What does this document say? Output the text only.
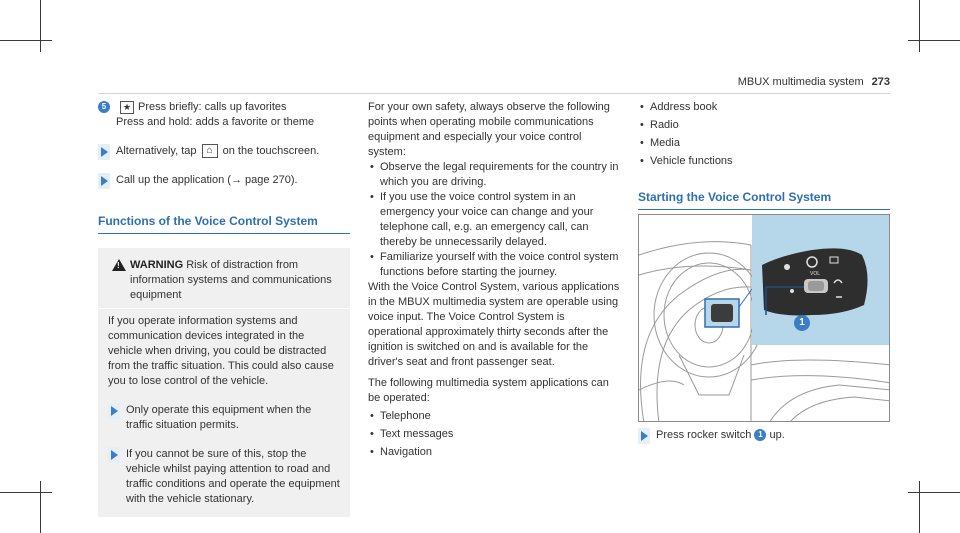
MBUX multimedia system 273
5	★ Press briefly: calls up favorites
Press and hold: adds a favorite or theme
Alternatively, tap ⌂ on the touchscreen.
Call up the application (→ page 270).
Functions of the Voice Control System
!
WARNING Risk of distraction from information systems and communications equipment
If you operate information systems and communication devices integrated in the vehicle when driving, you could be distracted from the traffic situation. This could also cause you to lose control of the vehicle.
Only operate this equipment when the traffic situation permits.
If you cannot be sure of this, stop the vehicle whilst paying attention to road and traffic conditions and operate the equipment with the vehicle stationary.
For your own safety, always observe the following points when operating mobile communications equipment and especially your voice control system:
• Observe the legal requirements for the country in which you are driving.
• If you use the voice control system in an emergency your voice can change and your telephone call, e.g. an emergency call, can thereby be unnecessarily delayed.
• Familiarize yourself with the voice control system functions before starting the journey.
With the Voice Control System, various applications in the MBUX multimedia system are operable using voice input. The Voice Control System is operational approximately thirty seconds after the ignition is switched on and is available for the driver's seat and front passenger seat.
The following multimedia system applications can be operated:
• Telephone
• Text messages
• Navigation
• Address book
• Radio
• Media
• Vehicle functions
Starting the Voice Control System
VOL
1
Press rocker switch 1 up.
